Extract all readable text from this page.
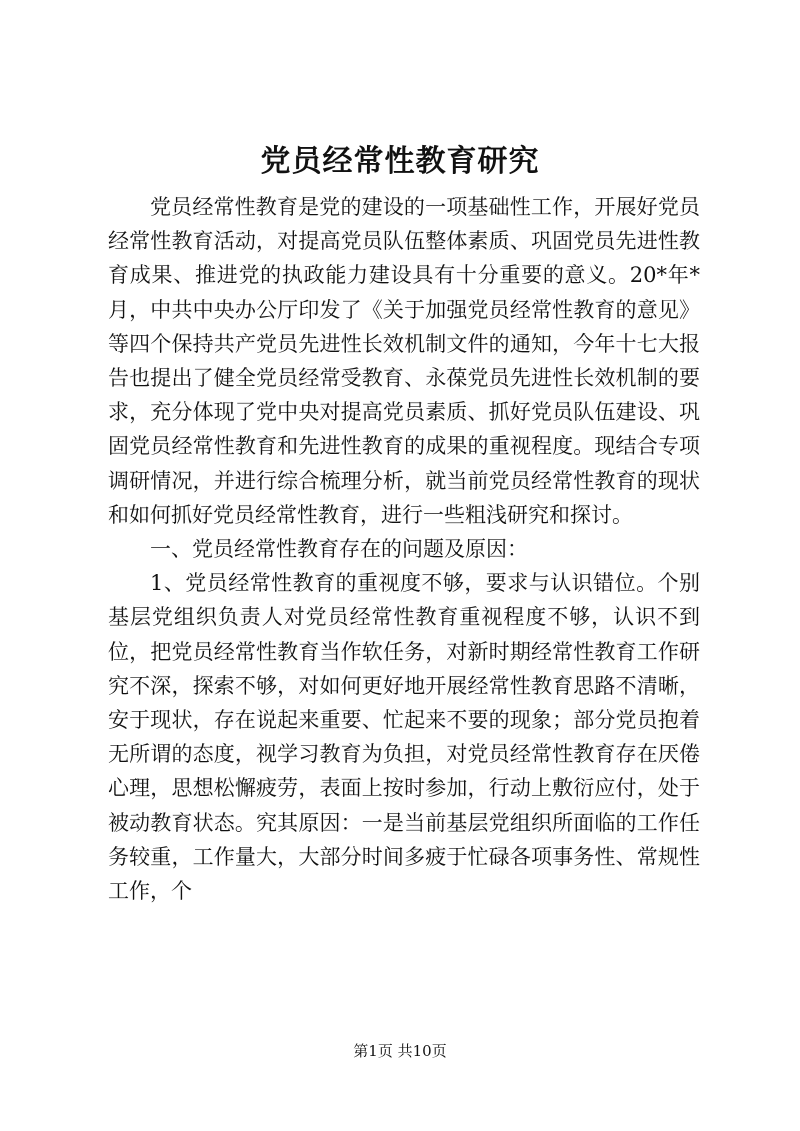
党员经常性教育研究

党员经常性教育是党的建设的一项基础性工作，开展好党员经常性教育活动，对提高党员队伍整体素质、巩固党员先进性教育成果、推进党的执政能力建设具有十分重要的意义。20*年*月，中共中央办公厅印发了《关于加强党员经常性教育的意见》等四个保持共产党员先进性长效机制文件的通知，今年十七大报告也提出了健全党员经常受教育、永葆党员先进性长效机制的要求，充分体现了党中央对提高党员素质、抓好党员队伍建设、巩固党员经常性教育和先进性教育的成果的重视程度。现结合专项调研情况，并进行综合梳理分析，就当前党员经常性教育的现状和如何抓好党员经常性教育，进行一些粗浅研究和探讨。

一、党员经常性教育存在的问题及原因：

1、党员经常性教育的重视度不够，要求与认识错位。个别基层党组织负责人对党员经常性教育重视程度不够，认识不到位，把党员经常性教育当作软任务，对新时期经常性教育工作研究不深，探索不够，对如何更好地开展经常性教育思路不清晰，安于现状，存在说起来重要、忙起来不要的现象；部分党员抱着无所谓的态度，视学习教育为负担，对党员经常性教育存在厌倦心理，思想松懈疲劳，表面上按时参加，行动上敷衍应付，处于被动教育状态。究其原因：一是当前基层党组织所面临的工作任务较重，工作量大，大部分时间多疲于忙碌各项事务性、常规性工作，个

第1页 共10页
